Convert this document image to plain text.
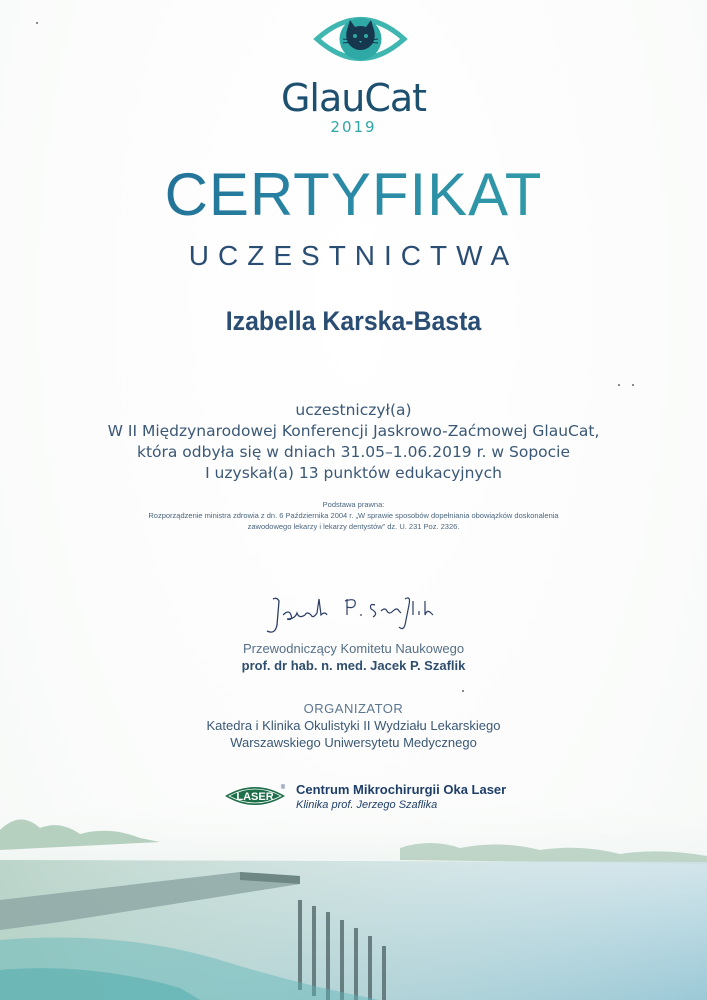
GlauCat
2019
CERTYFIKAT
UCZESTNICTWA
Izabella Karska-Basta
uczestniczył(a)
W II Międzynarodowej Konferencji Jaskrowo-Zaćmowej GlauCat,
która odbyła się w dniach 31.05–1.06.2019 r. w Sopocie
I uzyskał(a) 13 punktów edukacyjnych
Podstawa prawna:
Rozporządzenie ministra zdrowia z dn. 6 Października 2004 r. „W sprawie sposobów dopełniania obowiązków doskonalenia
zawodowego lekarzy i lekarzy dentystów” dz. U. 231 Poz. 2326.
Przewodniczący Komitetu Naukowego
prof. dr hab. n. med. Jacek P. Szaflik
ORGANIZATOR
Katedra i Klinika Okulistyki II Wydziału Lekarskiego
Warszawskiego Uniwersytetu Medycznego
LASER
® Centrum Mikrochirurgii Oka Laser
Klinika prof. Jerzego Szaflika
